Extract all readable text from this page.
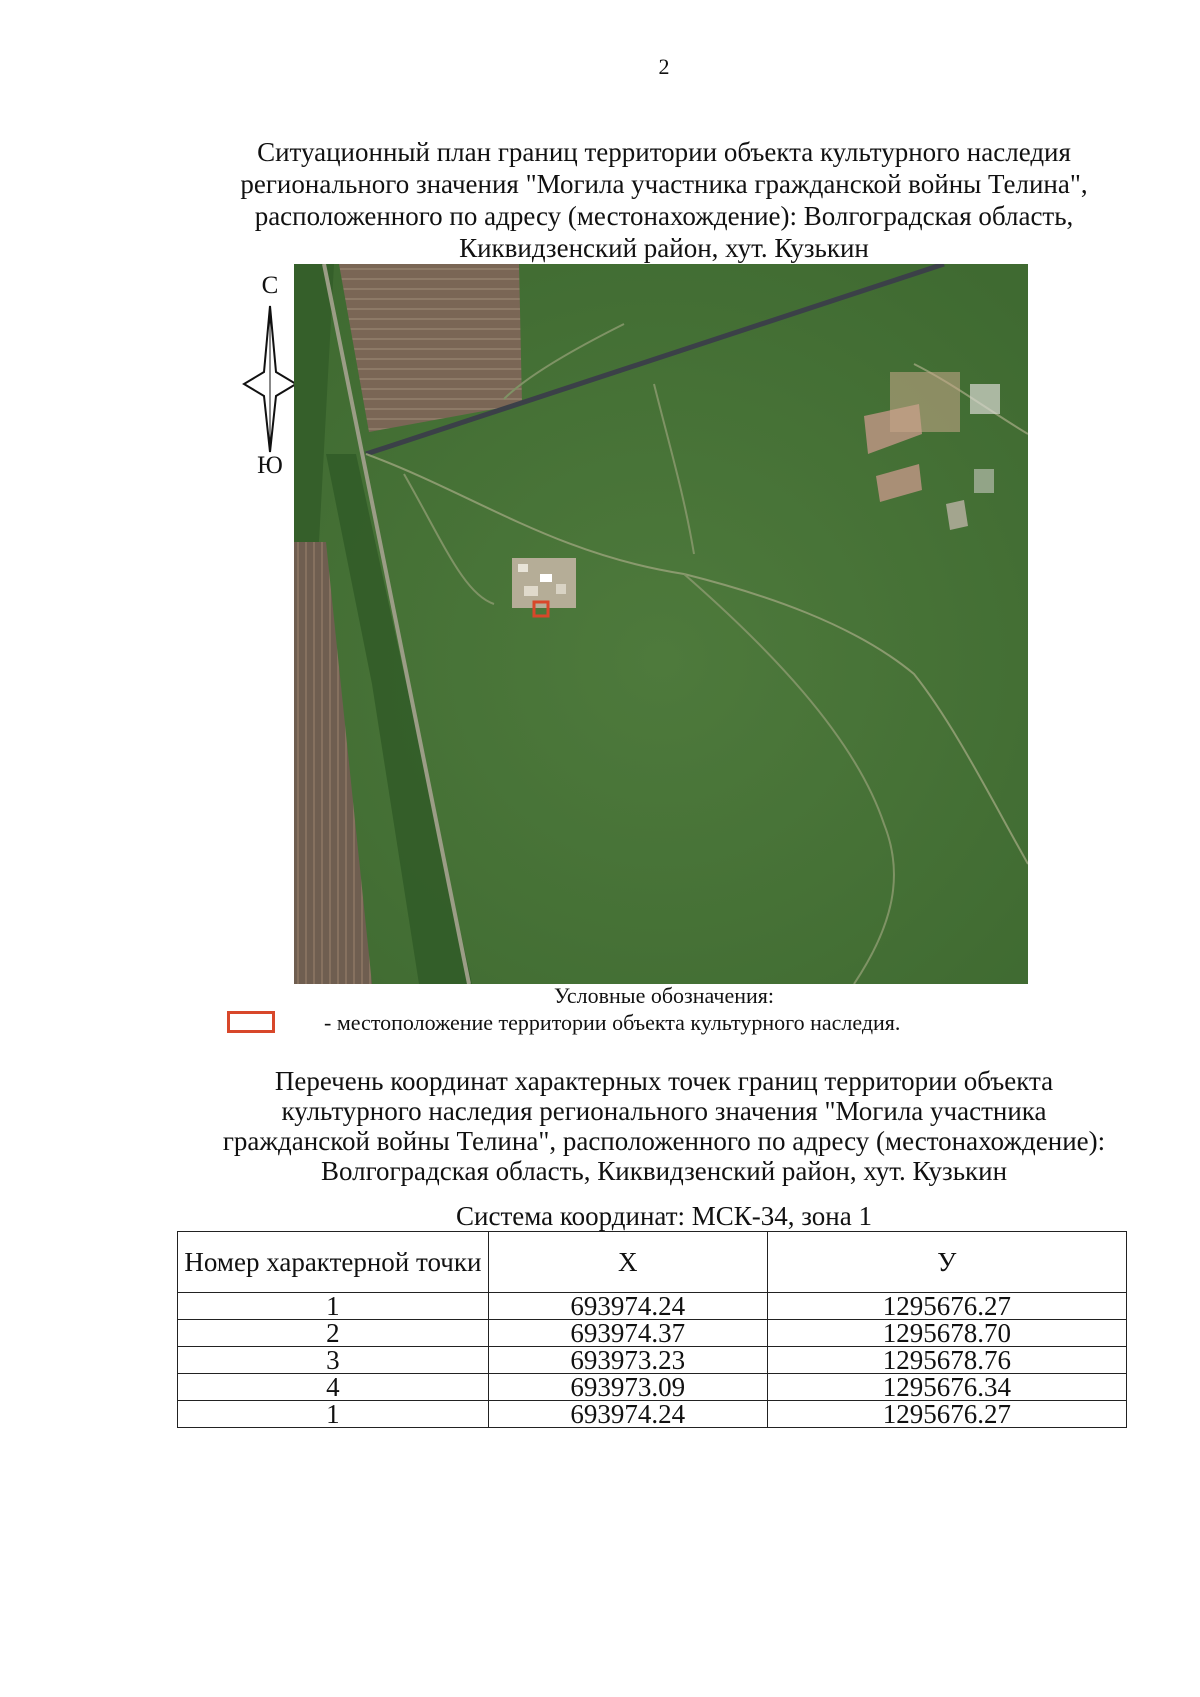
2
Ситуационный план границ территории объекта культурного наследия
регионального значения "Могила участника гражданской войны Телина",
расположенного по адресу (местонахождение): Волгоградская область,
Киквидзенский район, хут. Кузькин
С
Ю
Условные обозначения:
- местоположение территории объекта культурного наследия.
Перечень координат характерных точек границ территории объекта
культурного наследия регионального значения "Могила участника
гражданской войны Телина", расположенного по адресу (местонахождение):
Волгоградская область, Киквидзенский район, хут. Кузькин
Система координат: МСК-34, зона 1
Номер характерной точки	X	У
1	693974.24	1295676.27
2	693974.37	1295678.70
3	693973.23	1295678.76
4	693973.09	1295676.34
1	693974.24	1295676.27
